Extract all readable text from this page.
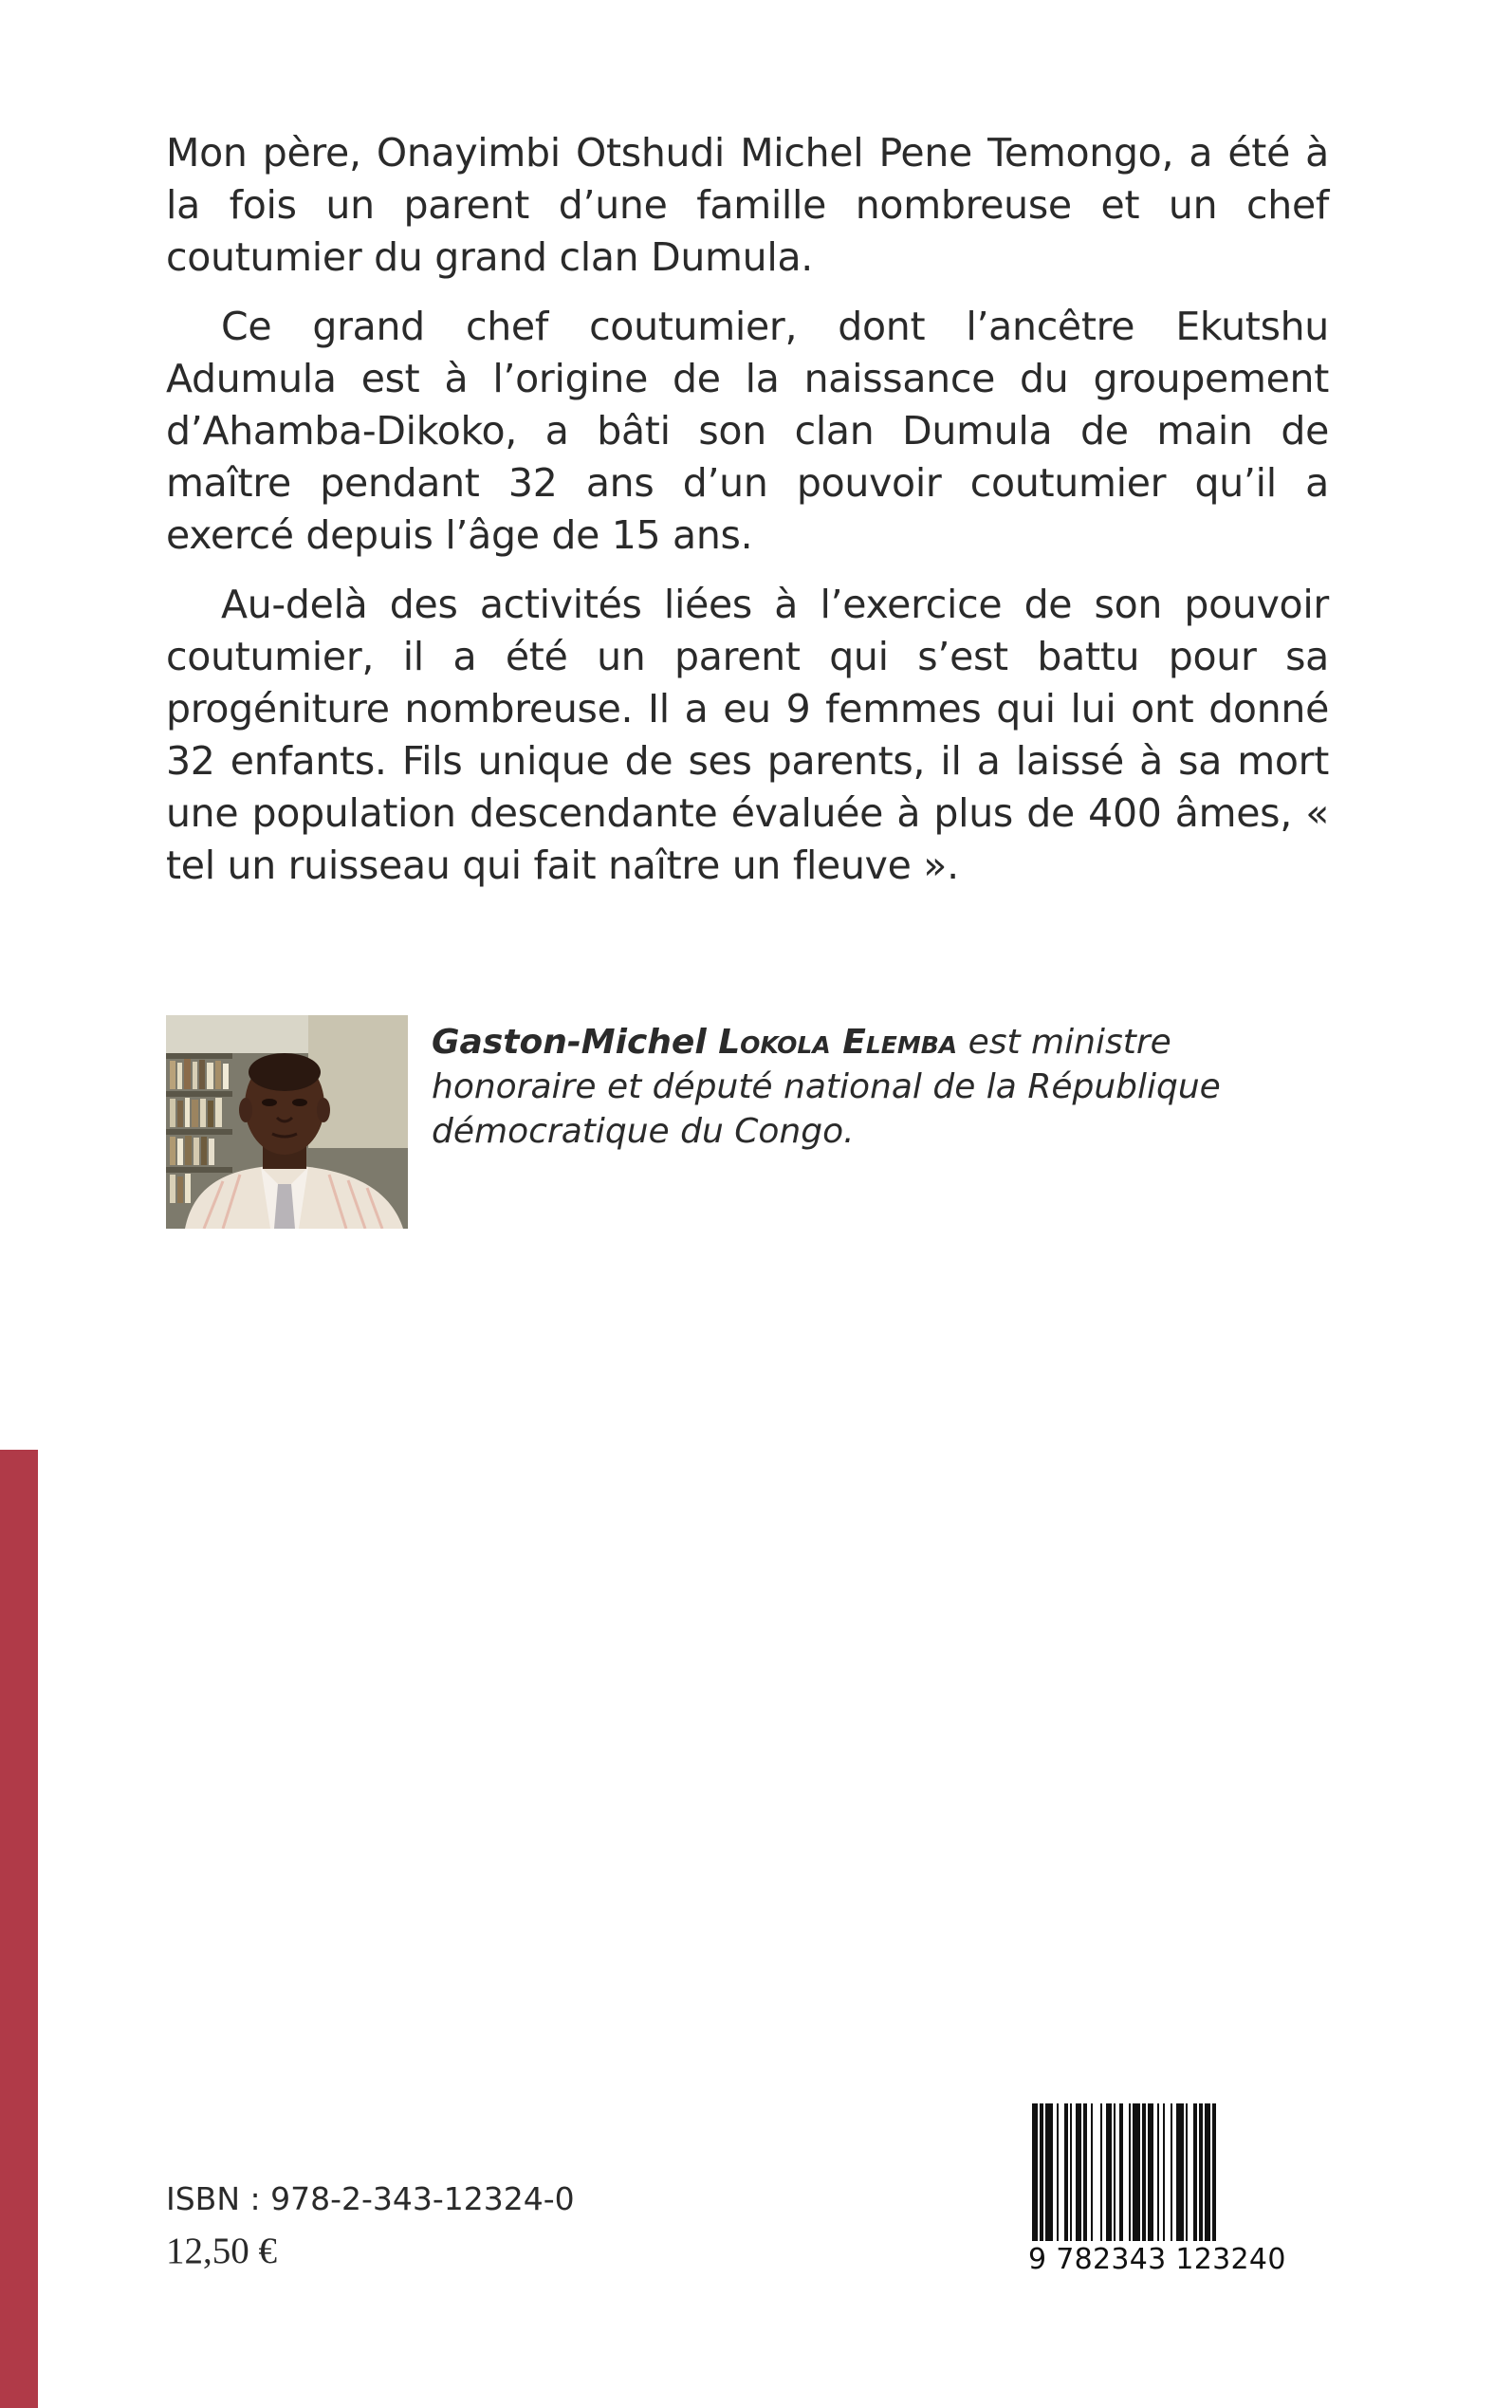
Mon père, Onayimbi Otshudi Michel Pene Temongo, a été à la fois un parent d’une famille nombreuse et un chef coutumier du grand clan Dumula.

Ce grand chef coutumier, dont l’ancêtre Ekutshu Adumula est à l’origine de la naissance du groupement d’Ahamba-Dikoko, a bâti son clan Dumula de main de maître pendant 32 ans d’un pouvoir coutumier qu’il a exercé depuis l’âge de 15 ans.

Au-delà des activités liées à l’exercice de son pouvoir coutumier, il a été un parent qui s’est battu pour sa progéniture nombreuse. Il a eu 9 femmes qui lui ont donné 32 enfants. Fils unique de ses parents, il a laissé à sa mort une population descendante évaluée à plus de 400 âmes, « tel un ruisseau qui fait naître un fleuve ».

Gaston-Michel Lokola Elemba est ministre honoraire et député national de la République démocratique du Congo.
ISBN : 978-2-343-12324-0
12,50 €	9 782343 123240
